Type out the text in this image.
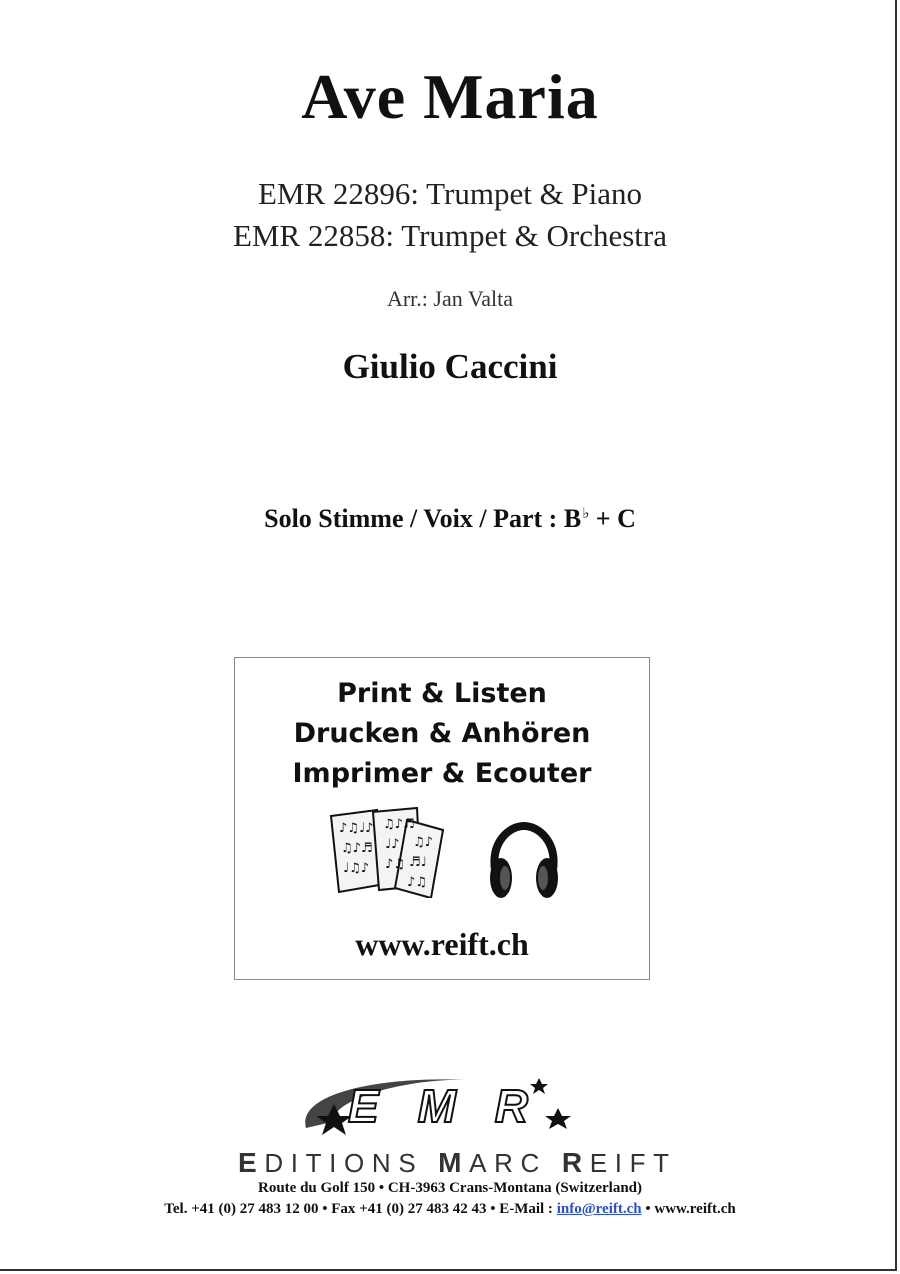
Ave Maria
EMR 22896: Trumpet & Piano
EMR 22858: Trumpet & Orchestra
Arr.: Jan Valta
Giulio Caccini
Solo Stimme / Voix / Part : B♭ + C
Print & Listen
Drucken & Anhören
Imprimer & Ecouter
♪♫♩♪
♫♪♬
♩♫♪
♫♪♬
♩♪
♪♫
♫♪
♬♩
♪♫
www.reift.ch
EMR
E DITIONS M ARC R EIFT
Route du Golf 150 • CH-3963 Crans-Montana (Switzerland)
Tel. +41 (0) 27 483 12 00 • Fax +41 (0) 27 483 42 43 • E-Mail : info@reift.ch • www.reift.ch
